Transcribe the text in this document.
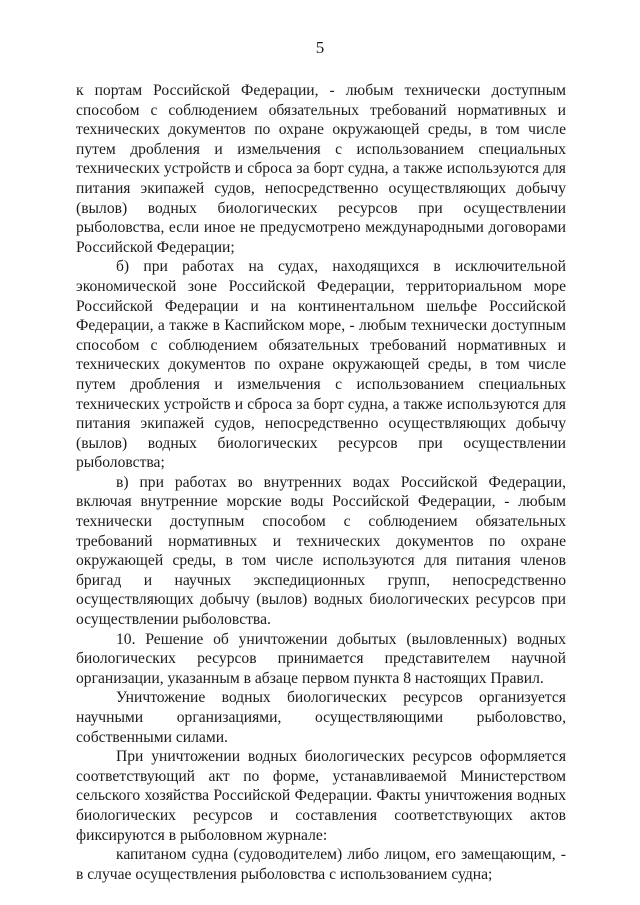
5

к портам Российской Федерации, - любым технически доступным способом с соблюдением обязательных требований нормативных и технических документов по охране окружающей среды, в том числе путем дробления и измельчения с использованием специальных технических устройств и сброса за борт судна, а также используются для питания экипажей судов, непосредственно осуществляющих добычу (вылов) водных биологических ресурсов при осуществлении рыболовства, если иное не предусмотрено международными договорами Российской Федерации;

б) при работах на судах, находящихся в исключительной экономической зоне Российской Федерации, территориальном море Российской Федерации и на континентальном шельфе Российской Федерации, а также в Каспийском море, - любым технически доступным способом с соблюдением обязательных требований нормативных и технических документов по охране окружающей среды, в том числе путем дробления и измельчения с использованием специальных технических устройств и сброса за борт судна, а также используются для питания экипажей судов, непосредственно осуществляющих добычу (вылов) водных биологических ресурсов при осуществлении рыболовства;

в) при работах во внутренних водах Российской Федерации, включая внутренние морские воды Российской Федерации, - любым технически доступным способом с соблюдением обязательных требований нормативных и технических документов по охране окружающей среды, в том числе используются для питания членов бригад и научных экспедиционных групп, непосредственно осуществляющих добычу (вылов) водных биологических ресурсов при осуществлении рыболовства.

10. Решение об уничтожении добытых (выловленных) водных биологических ресурсов принимается представителем научной организации, указанным в абзаце первом пункта 8 настоящих Правил.

Уничтожение водных биологических ресурсов организуется научными организациями, осуществляющими рыболовство, собственными силами.

При уничтожении водных биологических ресурсов оформляется соответствующий акт по форме, устанавливаемой Министерством сельского хозяйства Российской Федерации. Факты уничтожения водных биологических ресурсов и составления соответствующих актов фиксируются в рыболовном журнале:

капитаном судна (судоводителем) либо лицом, его замещающим, - в случае осуществления рыболовства с использованием судна;
